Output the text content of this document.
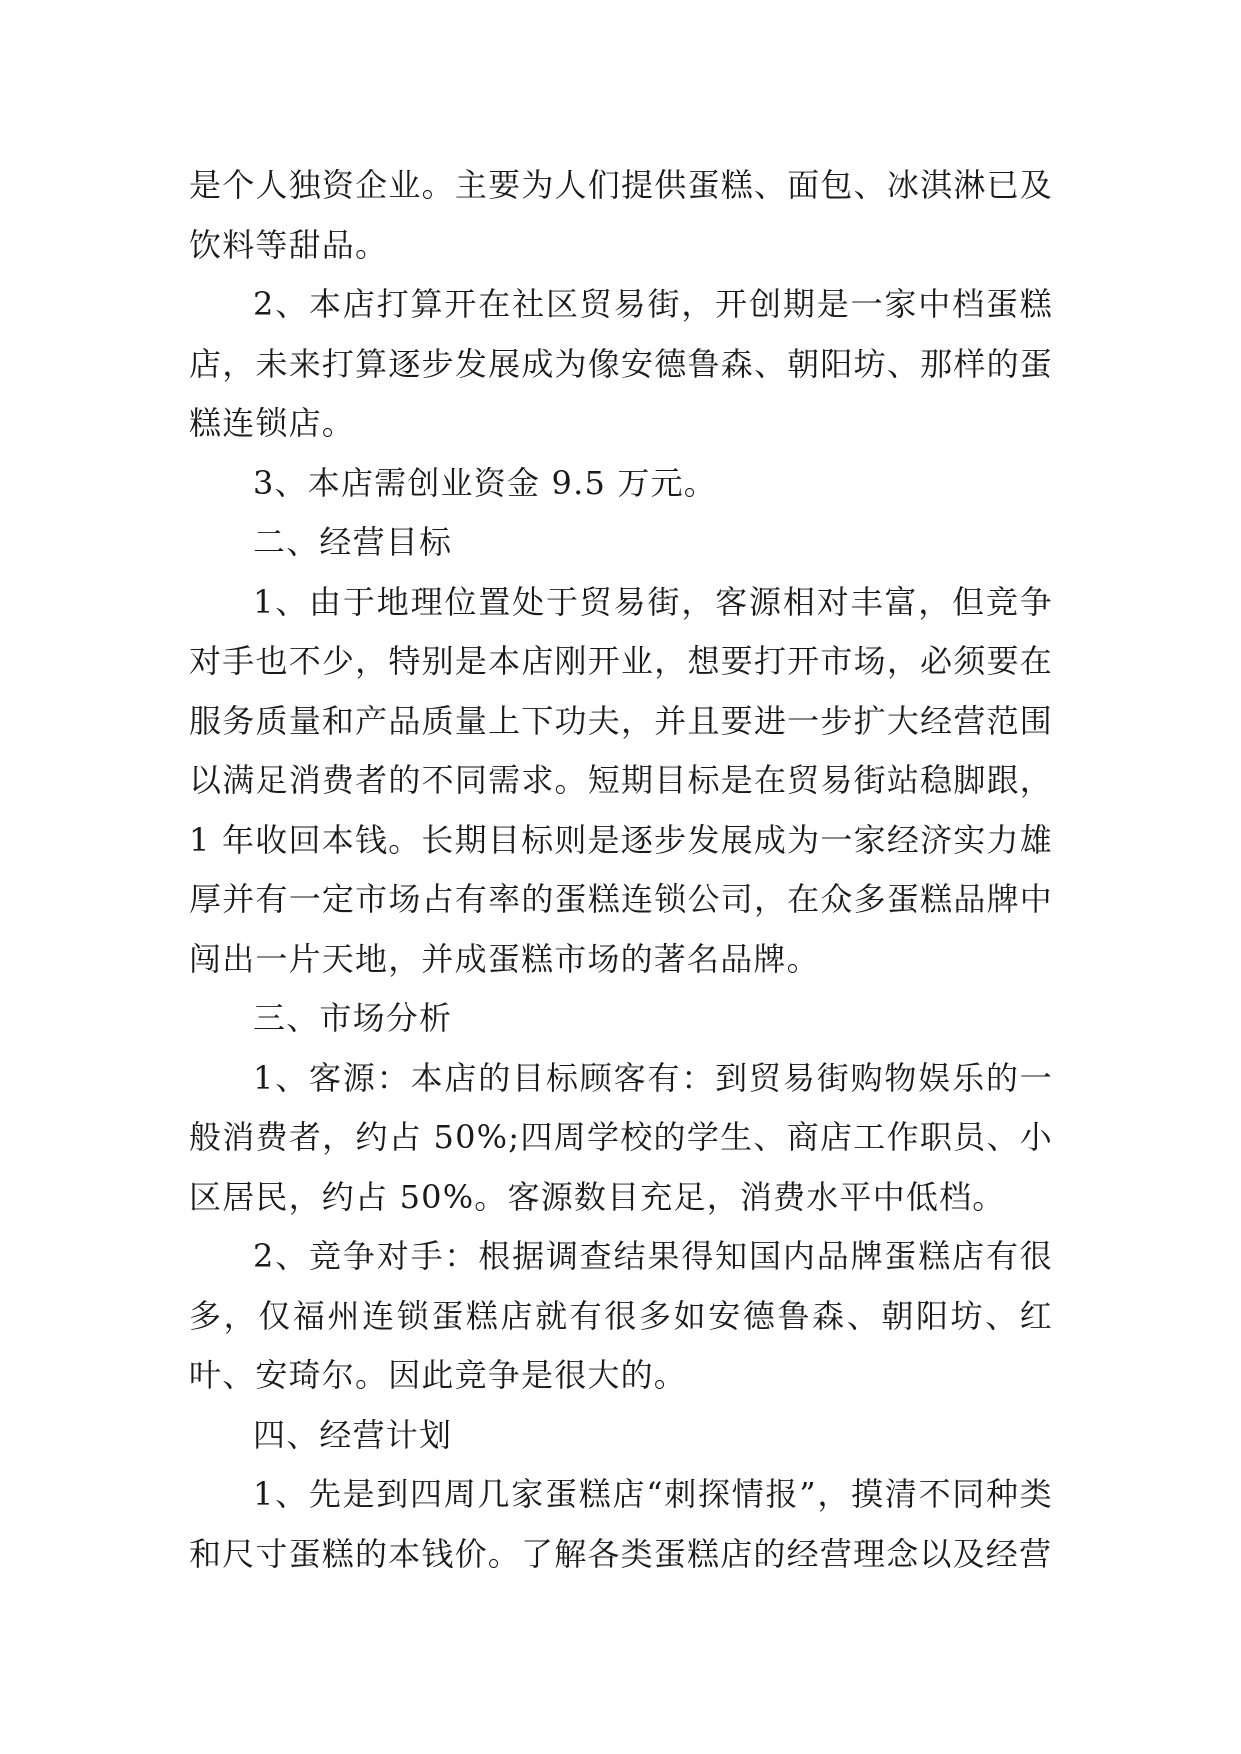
是个人独资企业。主要为人们提供蛋糕、面包、冰淇淋已及饮料等甜品。

2、本店打算开在社区贸易街，开创期是一家中档蛋糕店，未来打算逐步发展成为像安德鲁森、朝阳坊、那样的蛋糕连锁店。

3、本店需创业资金 9.5 万元。

二、经营目标

1、由于地理位置处于贸易街，客源相对丰富，但竞争对手也不少，特别是本店刚开业，想要打开市场，必须要在服务质量和产品质量上下功夫，并且要进一步扩大经营范围以满足消费者的不同需求。短期目标是在贸易街站稳脚跟，1 年收回本钱。长期目标则是逐步发展成为一家经济实力雄厚并有一定市场占有率的蛋糕连锁公司，在众多蛋糕品牌中闯出一片天地，并成蛋糕市场的著名品牌。

三、市场分析

1、客源：本店的目标顾客有：到贸易街购物娱乐的一般消费者，约占 50%;四周学校的学生、商店工作职员、小区居民，约占 50%。客源数目充足，消费水平中低档。

2、竞争对手：根据调查结果得知国内品牌蛋糕店有很多，仅福州连锁蛋糕店就有很多如安德鲁森、朝阳坊、红叶、安琦尔。因此竞争是很大的。

四、经营计划

1、先是到四周几家蛋糕店“刺探情报”，摸清不同种类和尺寸蛋糕的本钱价。了解各类蛋糕店的经营理念以及经营
